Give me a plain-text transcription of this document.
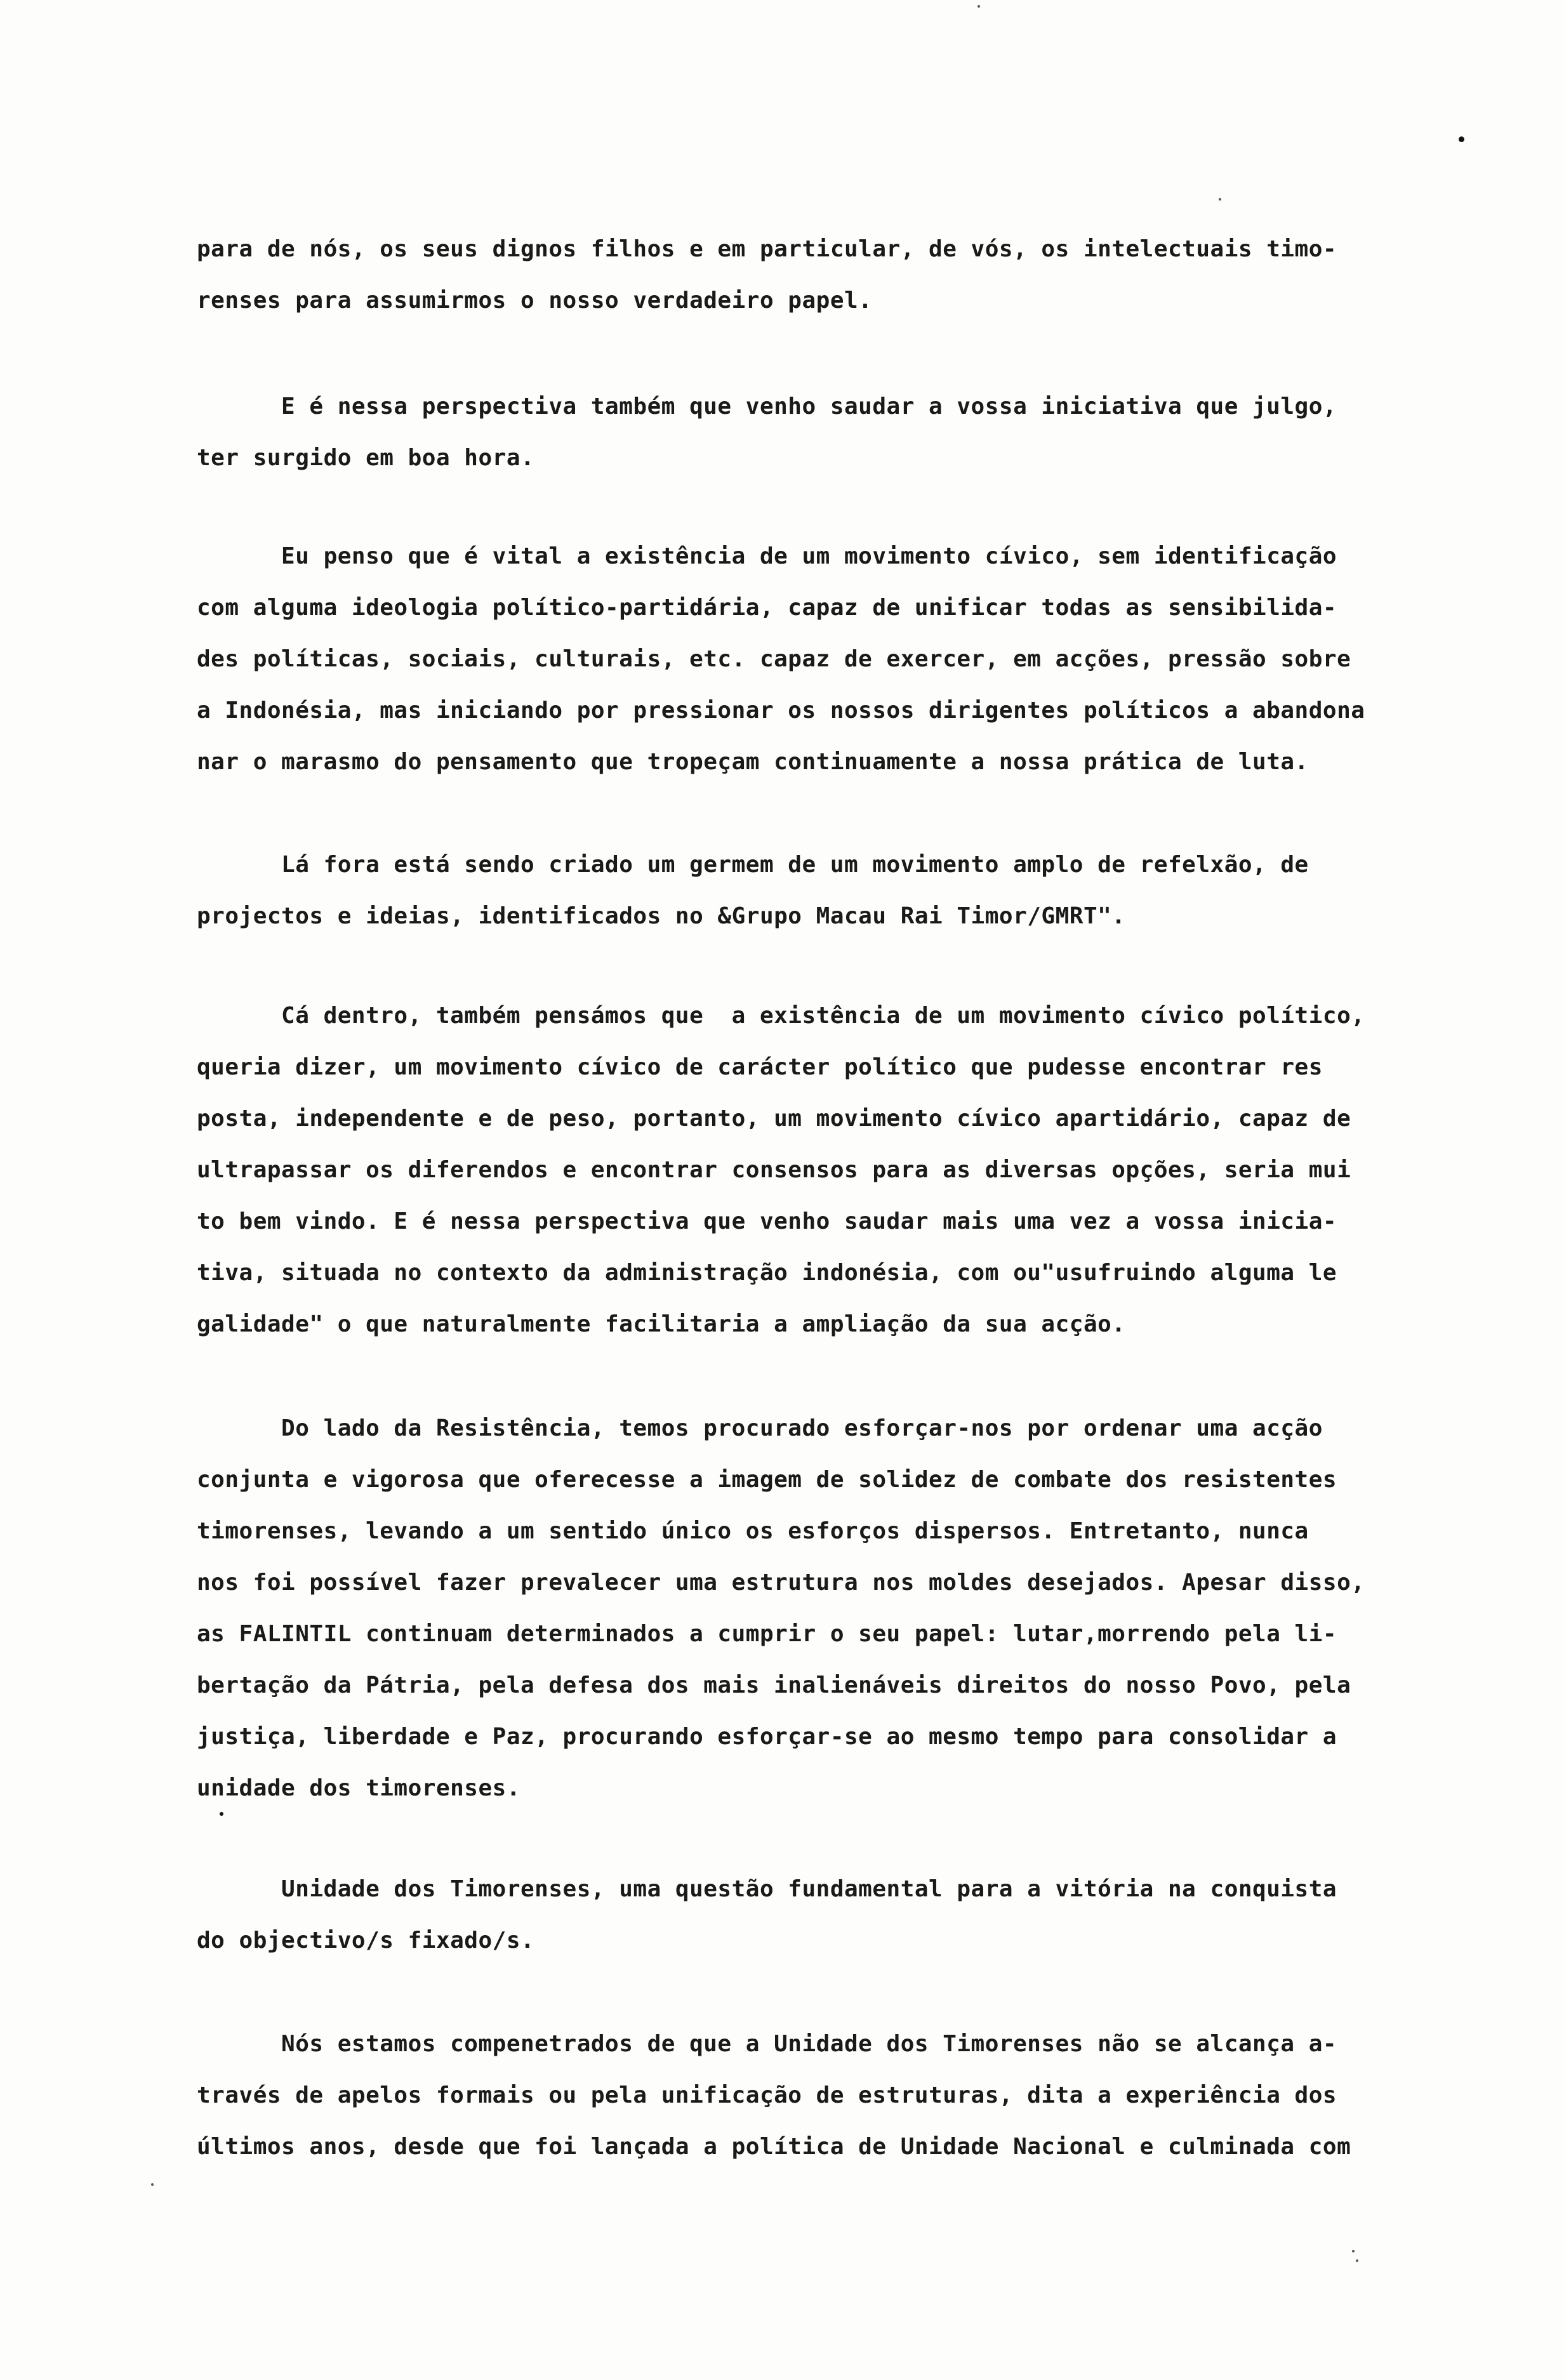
para de nós, os seus dignos filhos e em particular, de vós, os intelectuais timo-
renses para assumirmos o nosso verdadeiro papel.
E é nessa perspectiva também que venho saudar a vossa iniciativa que julgo,
ter surgido em boa hora.
Eu penso que é vital a existência de um movimento cívico, sem identificação
com alguma ideologia político-partidária, capaz de unificar todas as sensibilida-
des políticas, sociais, culturais, etc. capaz de exercer, em acções, pressão sobre
a Indonésia, mas iniciando por pressionar os nossos dirigentes políticos a abandona
nar o marasmo do pensamento que tropeçam continuamente a nossa prática de luta.
Lá fora está sendo criado um germem de um movimento amplo de refelxão, de
projectos e ideias, identificados no &Grupo Macau Rai Timor/GMRT".
Cá dentro, também pensámos que  a existência de um movimento cívico político,
queria dizer, um movimento cívico de carácter político que pudesse encontrar res
posta, independente e de peso, portanto, um movimento cívico apartidário, capaz de
ultrapassar os diferendos e encontrar consensos para as diversas opções, seria mui
to bem vindo. E é nessa perspectiva que venho saudar mais uma vez a vossa inicia-
tiva, situada no contexto da administração indonésia, com ou"usufruindo alguma le
galidade" o que naturalmente facilitaria a ampliação da sua acção.
Do lado da Resistência, temos procurado esforçar-nos por ordenar uma acção
conjunta e vigorosa que oferecesse a imagem de solidez de combate dos resistentes
timorenses, levando a um sentido único os esforços dispersos. Entretanto, nunca
nos foi possível fazer prevalecer uma estrutura nos moldes desejados. Apesar disso,
as FALINTIL continuam determinados a cumprir o seu papel: lutar,morrendo pela li-
bertação da Pátria, pela defesa dos mais inalienáveis direitos do nosso Povo, pela
justiça, liberdade e Paz, procurando esforçar-se ao mesmo tempo para consolidar a
unidade dos timorenses.
Unidade dos Timorenses, uma questão fundamental para a vitória na conquista
do objectivo/s fixado/s.
Nós estamos compenetrados de que a Unidade dos Timorenses não se alcança a-
través de apelos formais ou pela unificação de estruturas, dita a experiência dos
últimos anos, desde que foi lançada a política de Unidade Nacional e culminada com
